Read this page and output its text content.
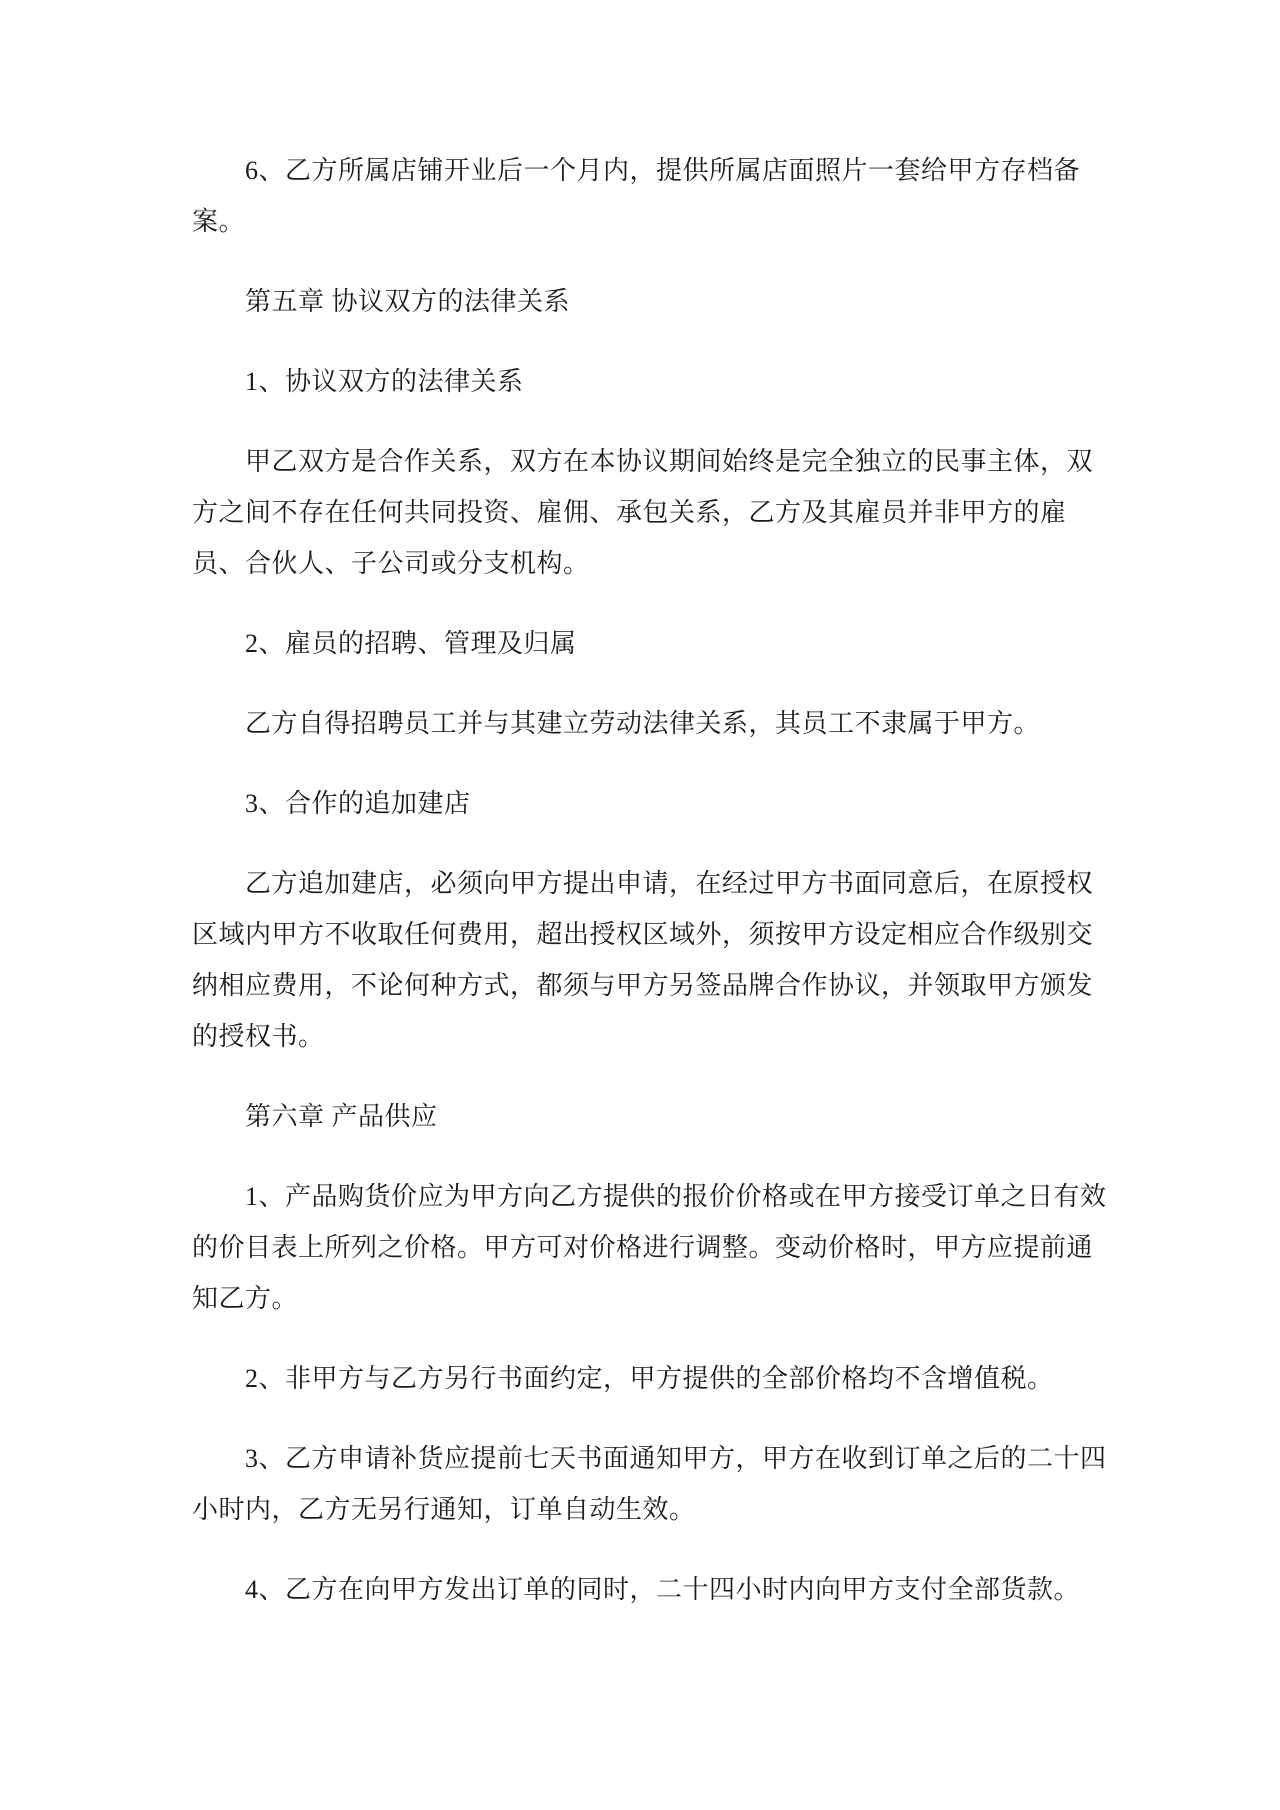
6、乙方所属店铺开业后一个月内，提供所属店面照片一套给甲方存档备
案。

第五章 协议双方的法律关系

1、协议双方的法律关系

甲乙双方是合作关系，双方在本协议期间始终是完全独立的民事主体，双
方之间不存在任何共同投资、雇佣、承包关系，乙方及其雇员并非甲方的雇
员、合伙人、子公司或分支机构。

2、雇员的招聘、管理及归属

乙方自得招聘员工并与其建立劳动法律关系，其员工不隶属于甲方。

3、合作的追加建店

乙方追加建店，必须向甲方提出申请，在经过甲方书面同意后，在原授权
区域内甲方不收取任何费用，超出授权区域外，须按甲方设定相应合作级别交
纳相应费用，不论何种方式，都须与甲方另签品牌合作协议，并领取甲方颁发
的授权书。

第六章 产品供应

1、产品购货价应为甲方向乙方提供的报价价格或在甲方接受订单之日有效
的价目表上所列之价格。甲方可对价格进行调整。变动价格时，甲方应提前通
知乙方。

2、非甲方与乙方另行书面约定，甲方提供的全部价格均不含增值税。

3、乙方申请补货应提前七天书面通知甲方，甲方在收到订单之后的二十四
小时内，乙方无另行通知，订单自动生效。

4、乙方在向甲方发出订单的同时，二十四小时内向甲方支付全部货款。
